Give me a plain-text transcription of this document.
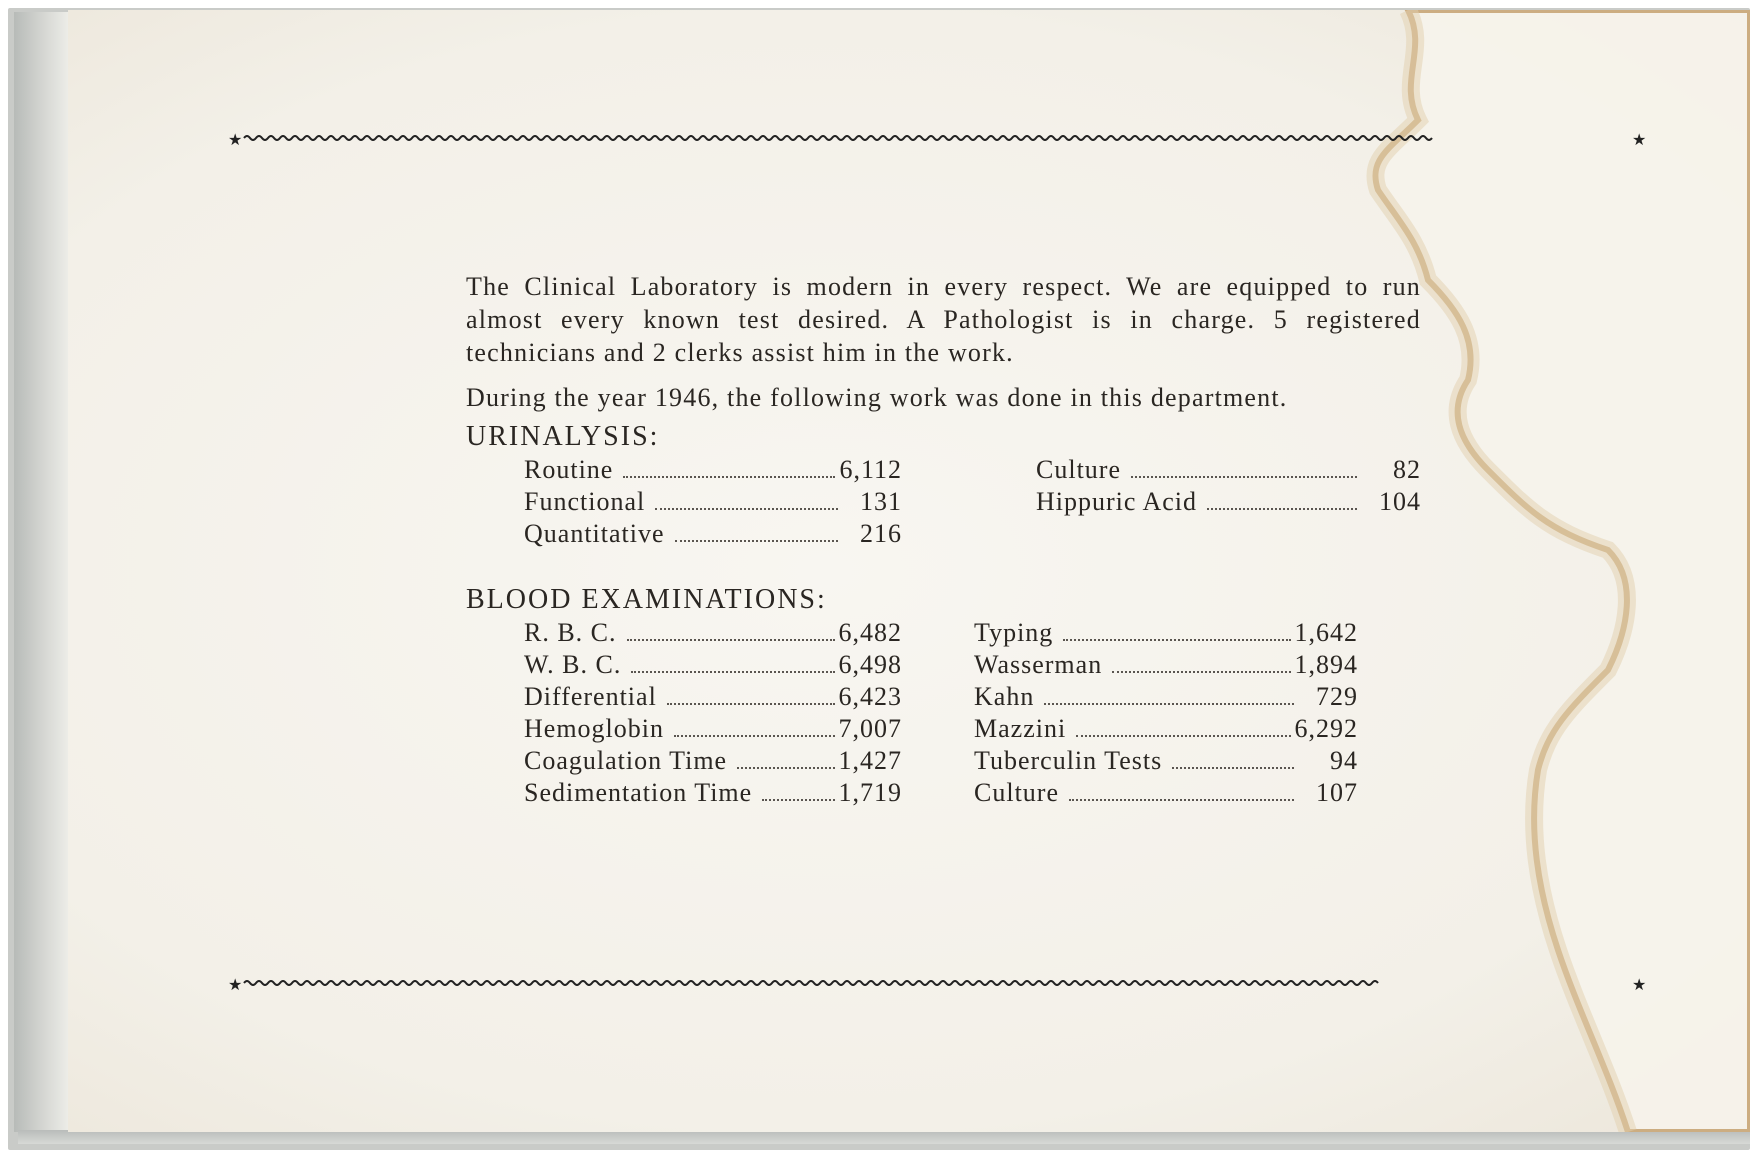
★	★
★	★
The Clinical Laboratory is modern in every respect. We are equipped to run almost every known test desired. A Pathologist is in charge. 5 registered technicians and 2 clerks assist him in the work.
During the year 1946, the following work was done in this department.
URINALYSIS:
Routine	6,112
Functional	131
Quantitative	216
Culture	82
Hippuric Acid	104
BLOOD EXAMINATIONS:
R. B. C.	6,482
W. B. C.	6,498
Differential	6,423
Hemoglobin	7,007
Coagulation Time	1,427
Sedimentation Time	1,719
Typing	1,642
Wasserman	1,894
Kahn	729
Mazzini	6,292
Tuberculin Tests	94
Culture	107
